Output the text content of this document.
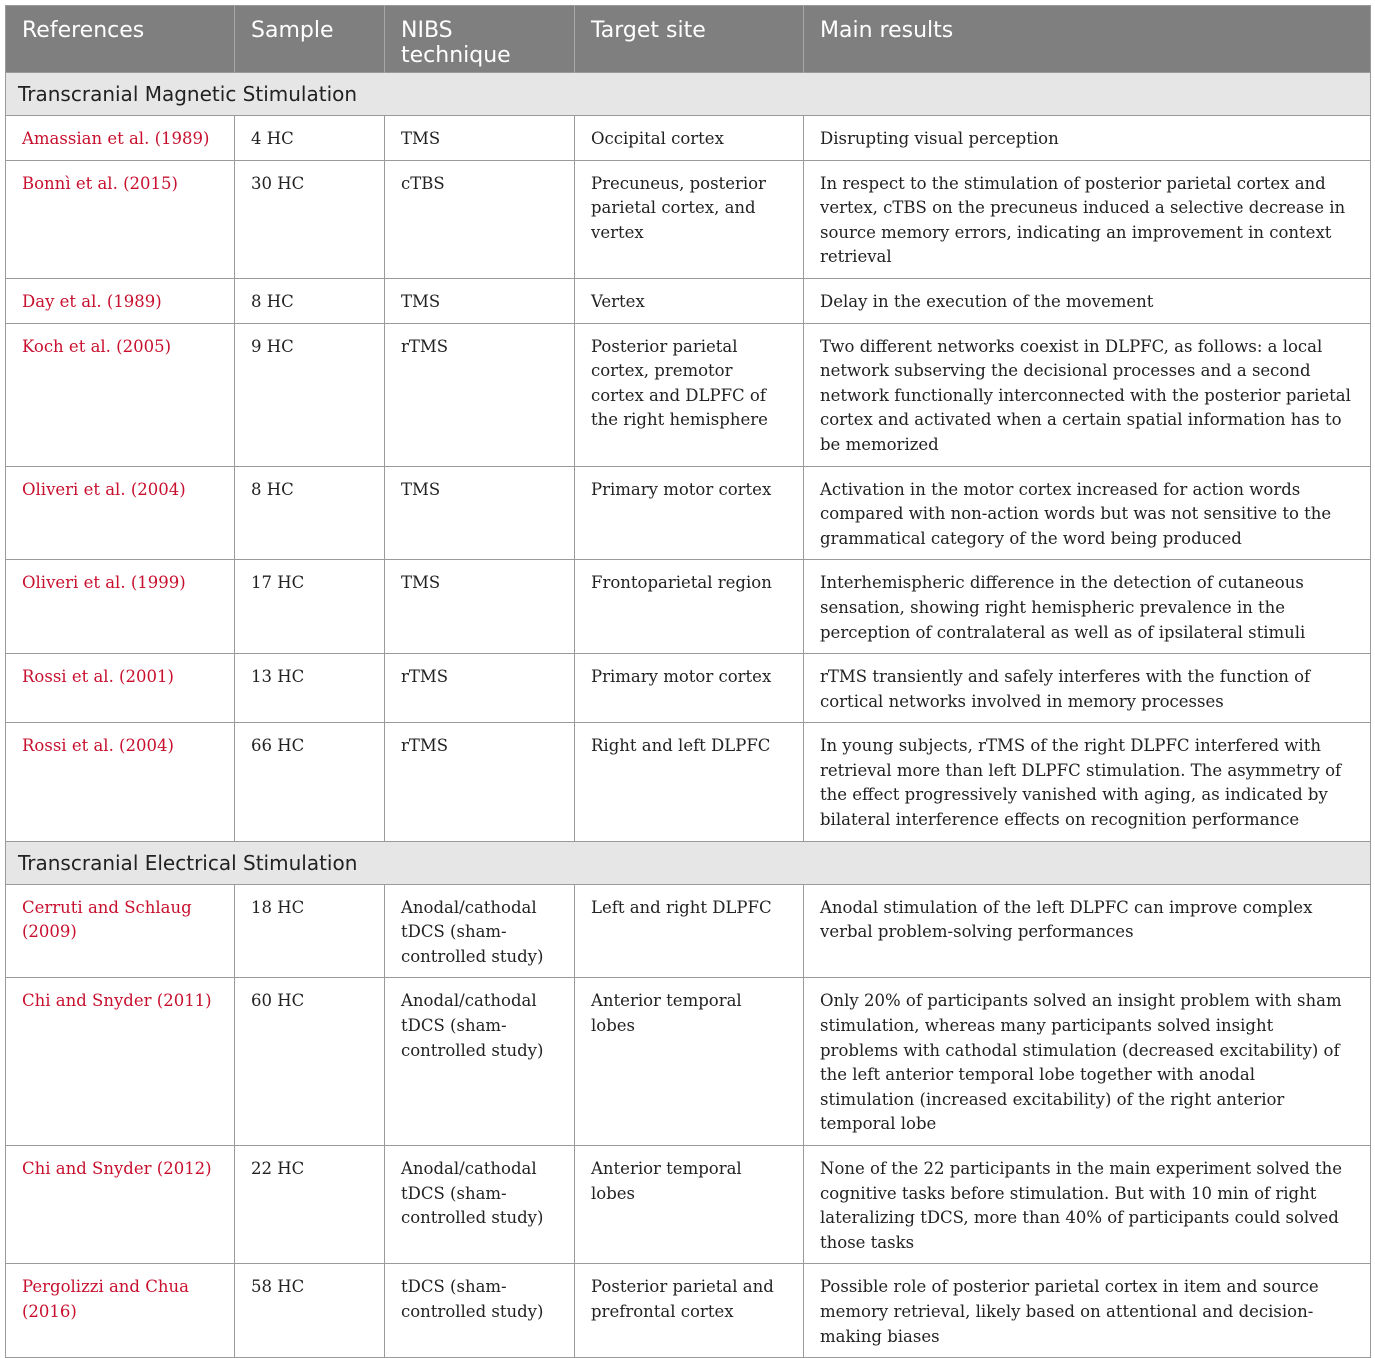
References	Sample	NIBS technique	Target site	Main results
Transcranial Magnetic Stimulation				
Amassian et al. (1989)	4 HC	TMS	Occipital cortex	Disrupting visual perception
Bonnì et al. (2015)	30 HC	cTBS	Precuneus, posterior parietal cortex, and vertex	In respect to the stimulation of posterior parietal cortex and vertex, cTBS on the precuneus induced a selective decrease in source memory errors, indicating an improvement in context retrieval
Day et al. (1989)	8 HC	TMS	Vertex	Delay in the execution of the movement
Koch et al. (2005)	9 HC	rTMS	Posterior parietal cortex, premotor cortex and DLPFC of the right hemisphere	Two different networks coexist in DLPFC, as follows: a local network subserving the decisional processes and a second network functionally interconnected with the posterior parietal cortex and activated when a certain spatial information has to be memorized
Oliveri et al. (2004)	8 HC	TMS	Primary motor cortex	Activation in the motor cortex increased for action words compared with non-action words but was not sensitive to the grammatical category of the word being produced
Oliveri et al. (1999)	17 HC	TMS	Frontoparietal region	Interhemispheric difference in the detection of cutaneous sensation, showing right hemispheric prevalence in the perception of contralateral as well as of ipsilateral stimuli
Rossi et al. (2001)	13 HC	rTMS	Primary motor cortex	rTMS transiently and safely interferes with the function of cortical networks involved in memory processes
Rossi et al. (2004)	66 HC	rTMS	Right and left DLPFC	In young subjects, rTMS of the right DLPFC interfered with retrieval more than left DLPFC stimulation. The asymmetry of the effect progressively vanished with aging, as indicated by bilateral interference effects on recognition performance
Transcranial Electrical Stimulation				
Cerruti and Schlaug (2009)	18 HC	Anodal/cathodal tDCS (sham-controlled study)	Left and right DLPFC	Anodal stimulation of the left DLPFC can improve complex verbal problem-solving performances
Chi and Snyder (2011)	60 HC	Anodal/cathodal tDCS (sham-controlled study)	Anterior temporal lobes	Only 20% of participants solved an insight problem with sham stimulation, whereas many participants solved insight problems with cathodal stimulation (decreased excitability) of the left anterior temporal lobe together with anodal stimulation (increased excitability) of the right anterior temporal lobe
Chi and Snyder (2012)	22 HC	Anodal/cathodal tDCS (sham-controlled study)	Anterior temporal lobes	None of the 22 participants in the main experiment solved the cognitive tasks before stimulation. But with 10 min of right lateralizing tDCS, more than 40% of participants could solved those tasks
Pergolizzi and Chua (2016)	58 HC	tDCS (sham-controlled study)	Posterior parietal and prefrontal cortex	Possible role of posterior parietal cortex in item and source memory retrieval, likely based on attentional and decision-making biases
